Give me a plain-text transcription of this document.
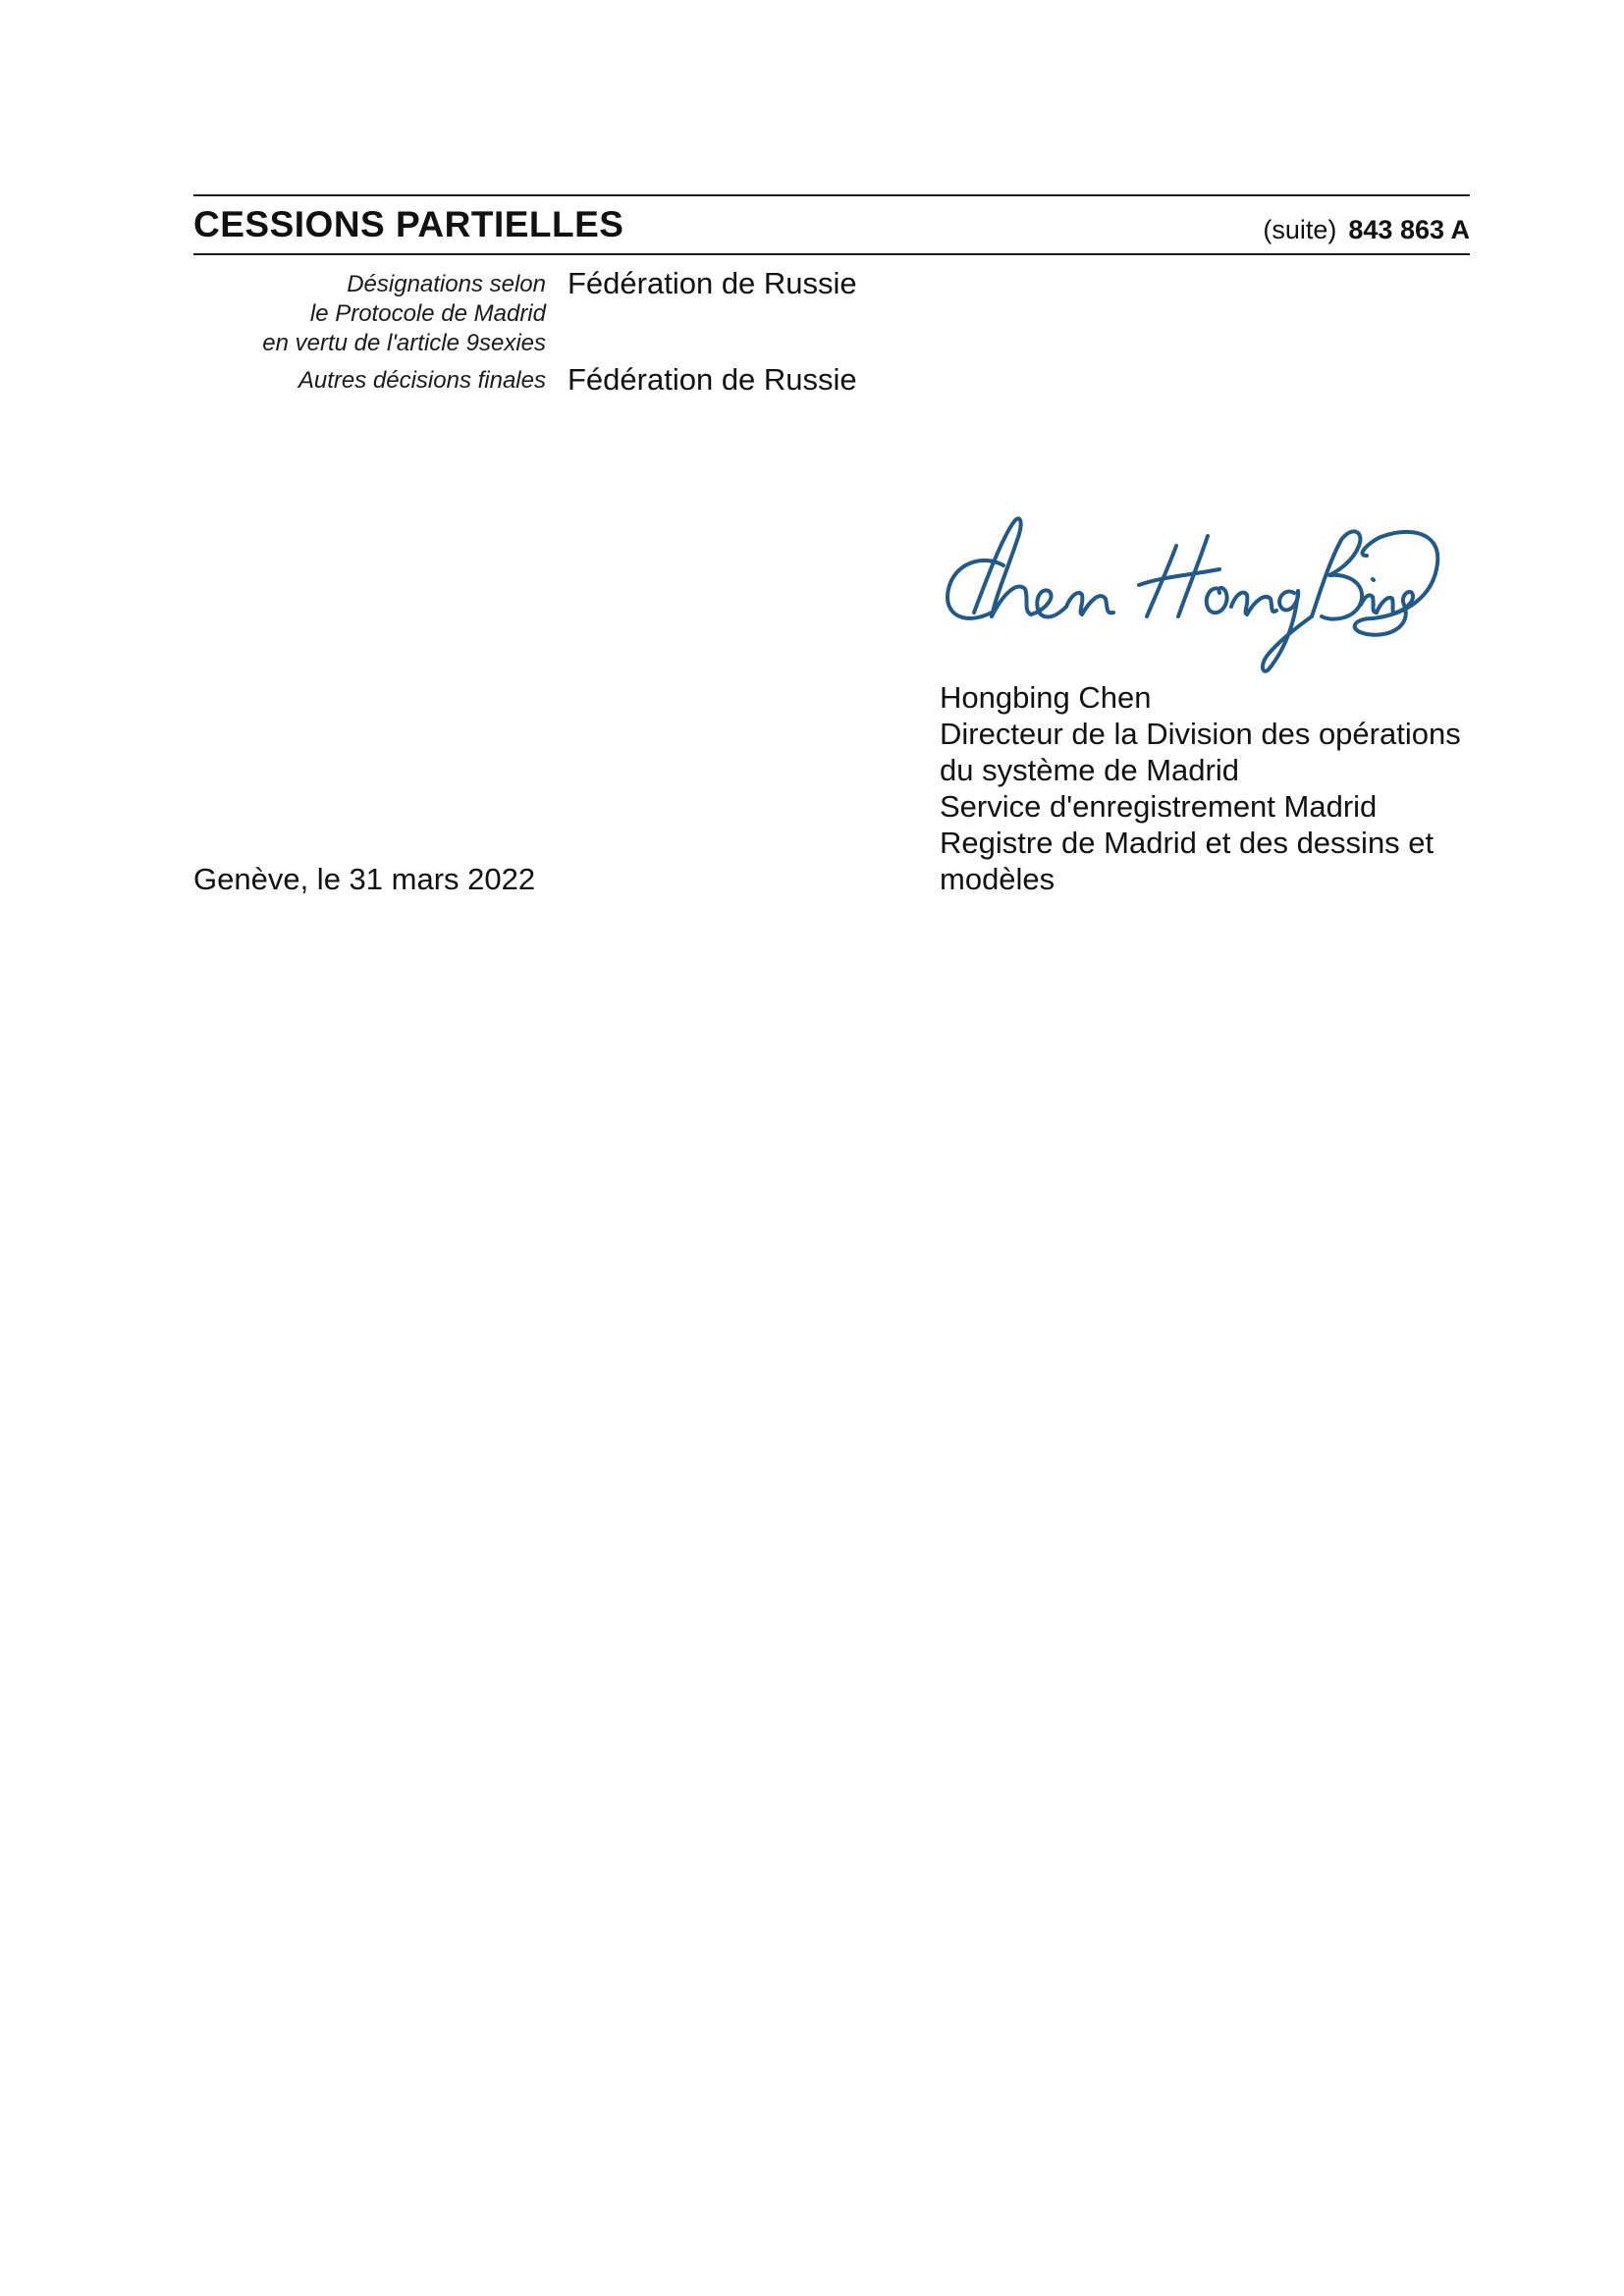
CESSIONS PARTIELLES	(suite) 843 863 A
Désignations selon
le Protocole de Madrid
en vertu de l'article 9sexies
Fédération de Russie
Autres décisions finales Fédération de Russie
Hongbing Chen
Directeur de la Division des opérations
du système de Madrid
Service d'enregistrement Madrid
Registre de Madrid et des dessins et
modèles
Genève, le 31 mars 2022
